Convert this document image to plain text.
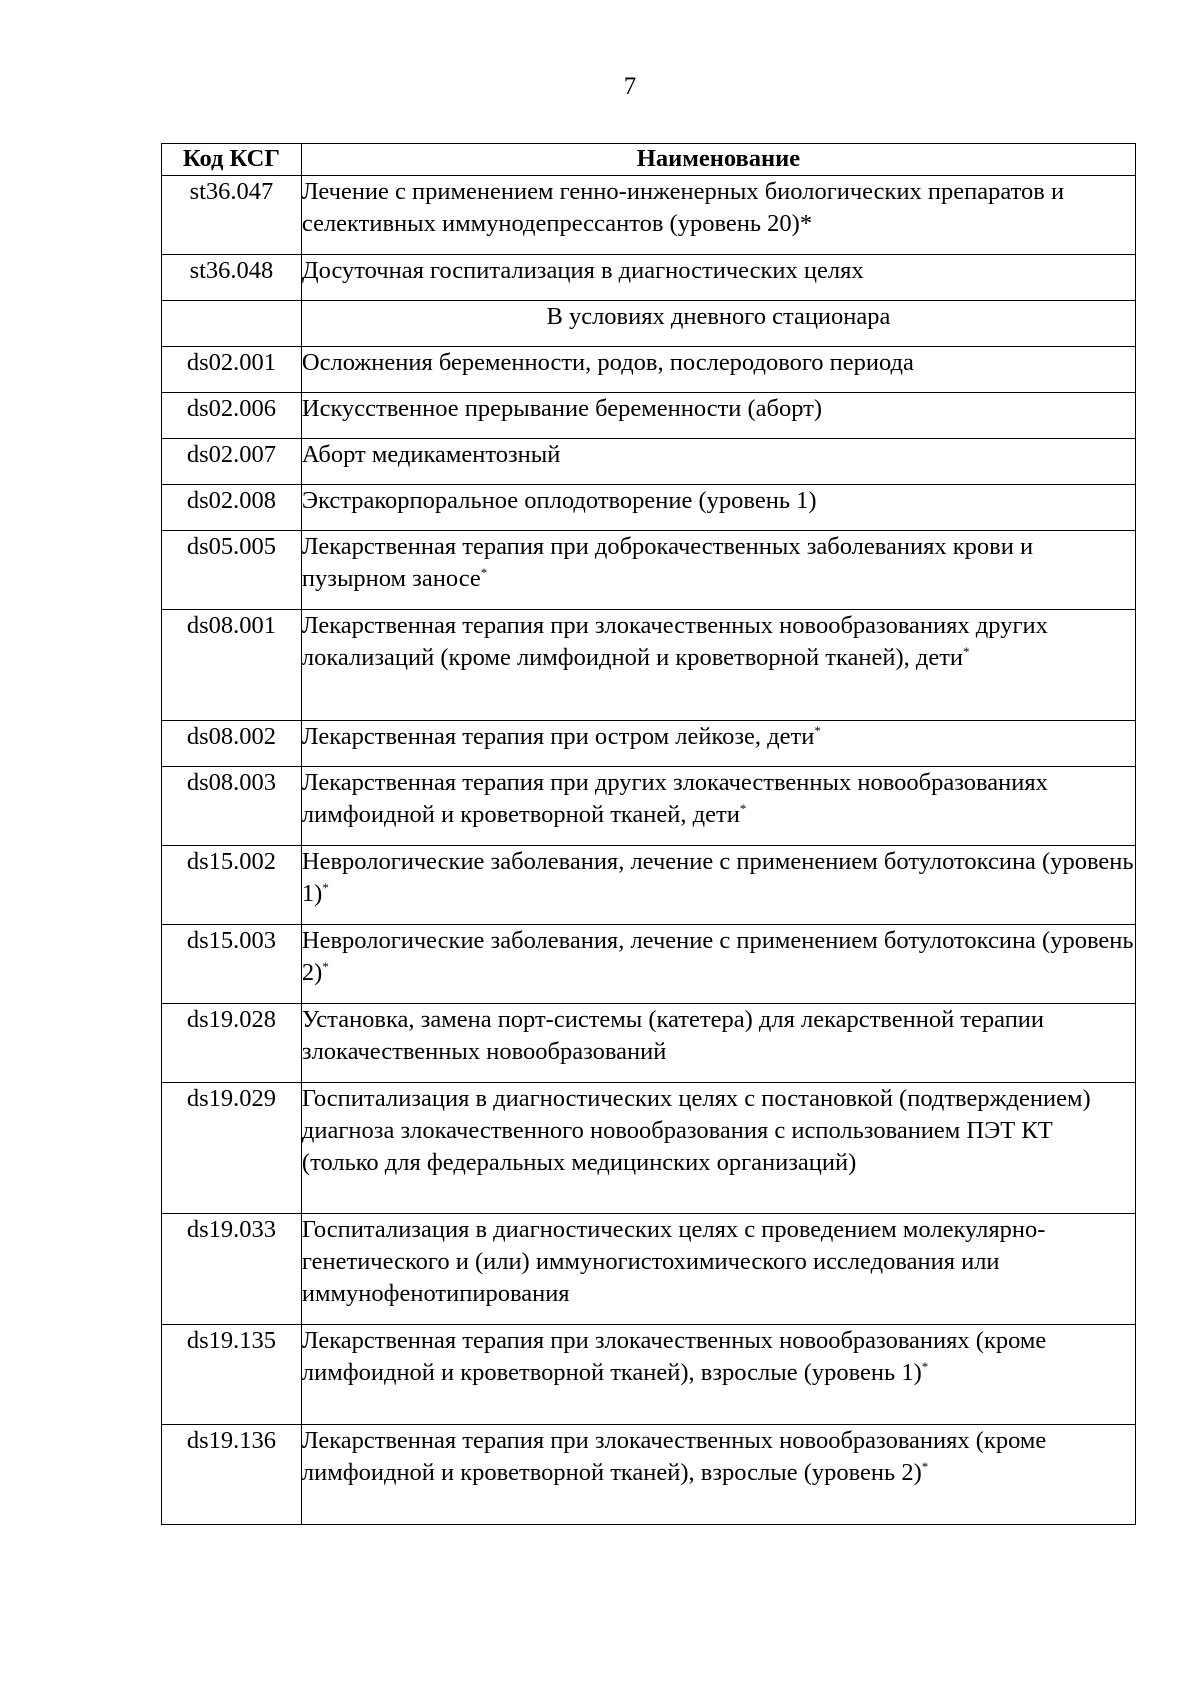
7
Код КСГ	Наименование
st36.047	Лечение с применением генно-инженерных биологических препаратов и селективных иммунодепрессантов (уровень 20)*
st36.048	Досуточная госпитализация в диагностических целях
	В условиях дневного стационара
ds02.001	Осложнения беременности, родов, послеродового периода
ds02.006	Искусственное прерывание беременности (аборт)
ds02.007	Аборт медикаментозный
ds02.008	Экстракорпоральное оплодотворение (уровень 1)
ds05.005	Лекарственная терапия при доброкачественных заболеваниях крови и пузырном заносе*
ds08.001	Лекарственная терапия при злокачественных новообразованиях других локализаций (кроме лимфоидной и кроветворной тканей), дети*
ds08.002	Лекарственная терапия при остром лейкозе, дети*
ds08.003	Лекарственная терапия при других злокачественных новообразованиях лимфоидной и кроветворной тканей, дети*
ds15.002	Неврологические заболевания, лечение с применением ботулотоксина (уровень 1)*
ds15.003	Неврологические заболевания, лечение с применением ботулотоксина (уровень 2)*
ds19.028	Установка, замена порт-системы (катетера) для лекарственной терапии злокачественных новообразований
ds19.029	Госпитализация в диагностических целях с постановкой (подтверждением) диагноза злокачественного новообразования с использованием ПЭТ КТ (только для федеральных медицинских организаций)
ds19.033	Госпитализация в диагностических целях с проведением молекулярно-генетического и (или) иммуногистохимического исследования или иммунофенотипирования
ds19.135	Лекарственная терапия при злокачественных новообразованиях (кроме лимфоидной и кроветворной тканей), взрослые (уровень 1)*
ds19.136	Лекарственная терапия при злокачественных новообразованиях (кроме лимфоидной и кроветворной тканей), взрослые (уровень 2)*
